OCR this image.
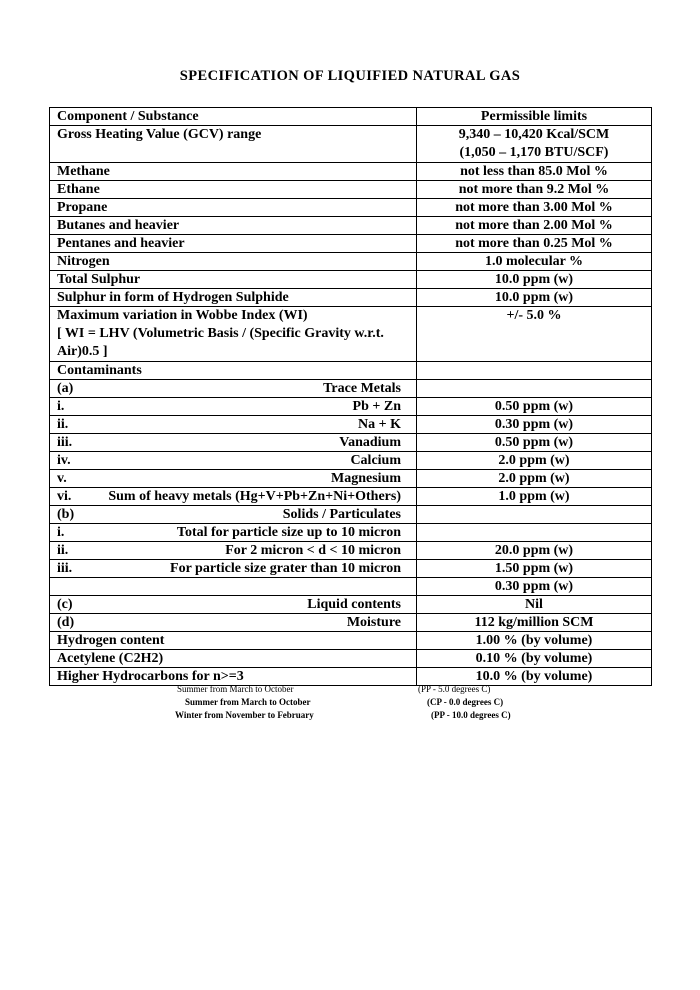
SPECIFICATION OF LIQUIFIED NATURAL GAS
Component / Substance	Permissible limits
Gross Heating Value (GCV) range	9,340 – 10,420 Kcal/SCM
(1,050 – 1,170 BTU/SCF)

Methane	not less than 85.0 Mol %
Ethane	not more than 9.2 Mol %
Propane	not more than 3.00 Mol %
Butanes and heavier	not more than 2.00 Mol %
Pentanes and heavier	not more than 0.25 Mol %
Nitrogen	1.0 molecular %
Total Sulphur	10.0 ppm (w)
Sulphur in form of Hydrogen Sulphide	10.0 ppm (w)

Maximum variation in Wobbe Index (WI)
[ WI = LHV (Volumetric Basis / (Specific Gravity w.r.t.
Air)0.5 ]	+/- 5.0 %
Contaminants	

(a) Trace Metals	

i. Pb + Zn	0.50 ppm (w)

ii. Na + K	0.30 ppm (w)

iii. Vanadium	0.50 ppm (w)

iv. Calcium	2.0 ppm (w)

v. Magnesium	2.0 ppm (w)

vi. Sum of heavy metals (Hg+V+Pb+Zn+Ni+Others)	1.0 ppm (w)

(b) Solids / Particulates	

i. Total for particle size up to 10 micron	

ii. For 2 micron < d < 10 micron	20.0 ppm (w)

iii. For particle size grater than 10 micron	1.50 ppm (w)

	0.30 ppm (w)

(c) Liquid contents	Nil

(d) Moisture	112 kg/million SCM
Hydrogen content	1.00 % (by volume)
Acetylene (C2H2)	0.10 % (by volume)
Higher Hydrocarbons for n>=3	10.0 % (by volume)
Summer from March to October	(PP - 5.0 degrees C)
Summer from March to October	(CP - 0.0 degrees C)
Winter from November to February	(PP - 10.0 degrees C)
